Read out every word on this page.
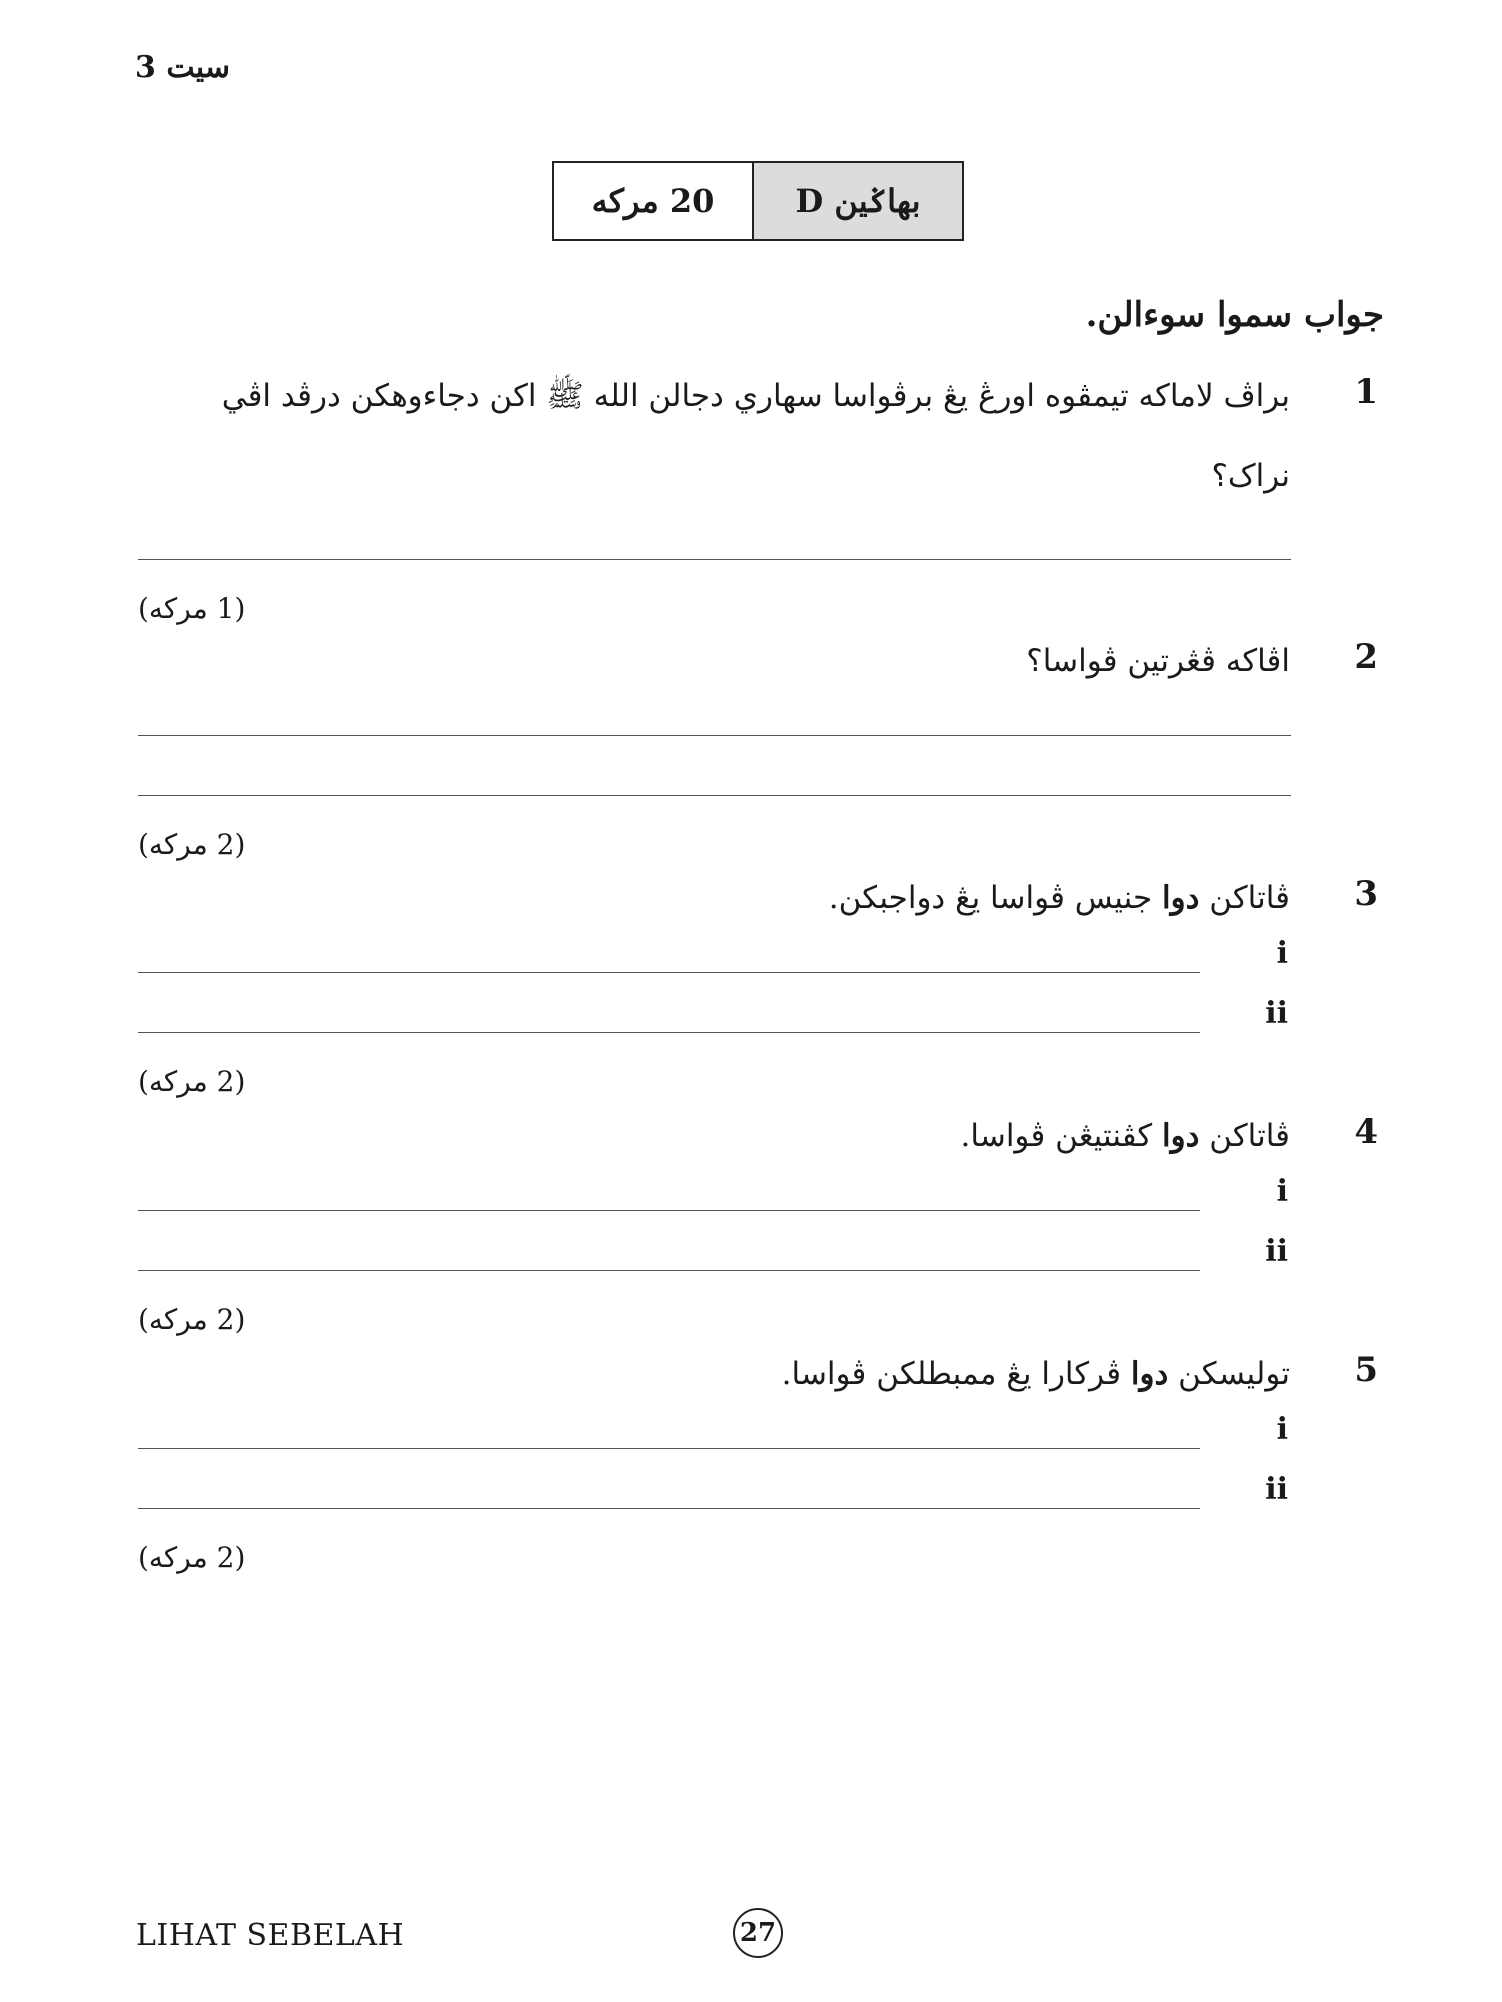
سيت 3
20 مركه	بهاݢين D
جواب سموا سوءالن.
1
براڤ لاماكه تيمڤوه اورڠ يڠ برڤواسا سهاري دجالن الله ﷺ اكن دجاءوهكن درڤد اڤي نراک؟
(1 مركه)
2
اڤاكه ڤڠرتين ڤواسا؟
(2 مركه)
3
ڤاتاكن دوا جنيس ڤواسا يڠ دواجبكن.
i
ii
(2 مركه)
4
ڤاتاكن دوا كڤنتيڠن ڤواسا.
i
ii
(2 مركه)
5
توليسكن دوا ڤركارا يڠ ممبطلكن ڤواسا.
i
ii
(2 مركه)
LIHAT SEBELAH	27
